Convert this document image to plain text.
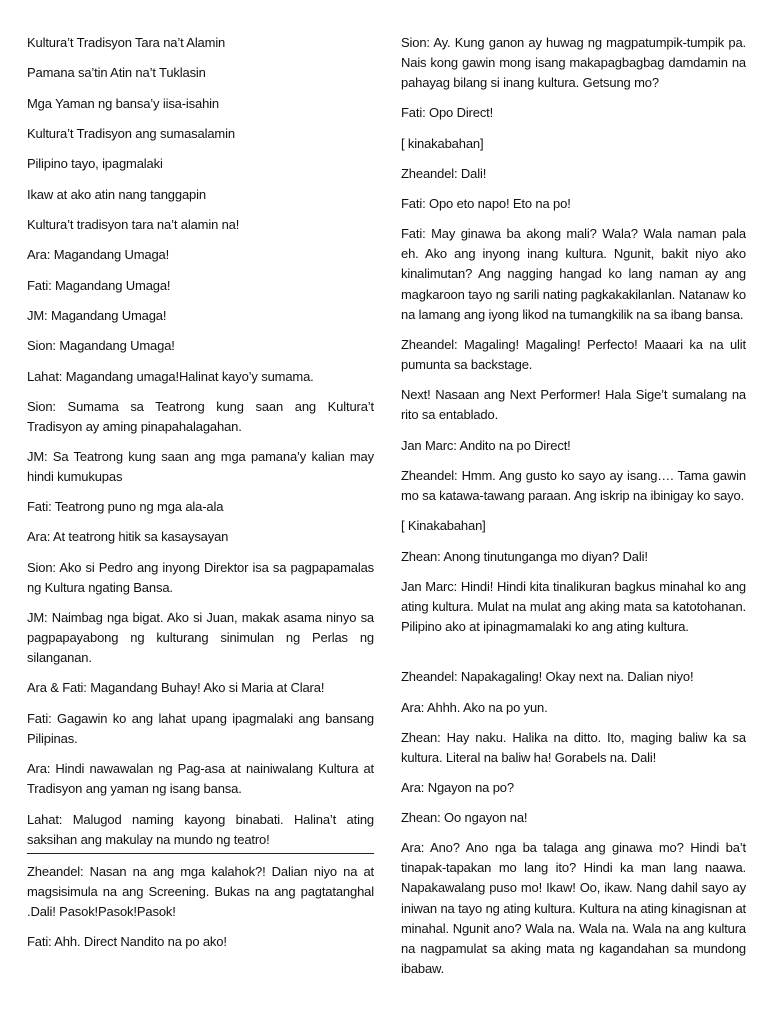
Kultura’t Tradisyon Tara na’t Alamin

Pamana sa’tin Atin na’t Tuklasin

Mga Yaman ng bansa’y iisa-isahin

Kultura’t Tradisyon ang sumasalamin

Pilipino tayo, ipagmalaki

Ikaw at ako atin nang tanggapin

Kultura’t tradisyon tara na’t alamin na!

Ara: Magandang Umaga!

Fati: Magandang Umaga!

JM: Magandang Umaga!

Sion: Magandang Umaga!

Lahat: Magandang umaga!Halinat kayo’y sumama.

Sion: Sumama sa Teatrong kung saan ang Kultura’t Tradisyon ay aming pinapahalagahan.

JM: Sa Teatrong kung saan ang mga pamana’y kalian may hindi kumukupas

Fati: Teatrong puno ng mga ala-ala

Ara: At teatrong hitik sa kasaysayan

Sion: Ako si Pedro ang inyong Direktor isa sa pagpapamalas ng Kultura ngating Bansa.

JM: Naimbag nga bigat. Ako si Juan, makak asama ninyo sa pagpapayabong ng kulturang sinimulan ng Perlas ng silanganan.

Ara & Fati: Magandang Buhay! Ako si Maria at Clara!

Fati: Gagawin ko ang lahat upang ipagmalaki ang bansang Pilipinas.

Ara: Hindi nawawalan ng Pag-asa at nainiwalang Kultura at Tradisyon ang yaman ng isang bansa.

Lahat: Malugod naming kayong binabati. Halina’t ating saksihan ang makulay na mundo ng teatro!

Zheandel: Nasan na ang mga kalahok?! Dalian niyo na at magsisimula na ang Screening. Bukas na ang pagtatanghal .Dali! Pasok!Pasok!Pasok!

Fati: Ahh. Direct Nandito na po ako!

Sion: Ay. Kung ganon ay huwag ng magpatumpik-tumpik pa. Nais kong gawin mong isang makapagbagbag damdamin na pahayag bilang si inang kultura. Getsung mo?

Fati: Opo Direct!

[ kinakabahan]

Zheandel: Dali!

Fati: Opo eto napo! Eto na po!

Fati: May ginawa ba akong mali? Wala? Wala naman pala eh. Ako ang inyong inang kultura. Ngunit, bakit niyo ako kinalimutan? Ang nagging hangad ko lang naman ay ang magkaroon tayo ng sarili nating pagkakakilanlan. Natanaw ko na lamang ang iyong likod na tumangkilik na sa ibang bansa.

Zheandel: Magaling! Magaling! Perfecto! Maaari ka na ulit pumunta sa backstage.

Next! Nasaan ang Next Performer! Hala Sige’t sumalang na rito sa entablado.

Jan Marc: Andito na po Direct!

Zheandel: Hmm. Ang gusto ko sayo ay isang…. Tama gawin mo sa katawa-tawang paraan. Ang iskrip na ibinigay ko sayo.

[ Kinakabahan]

Zhean: Anong tinutunganga mo diyan? Dali!

Jan Marc: Hindi! Hindi kita tinalikuran bagkus minahal ko ang ating kultura. Mulat na mulat ang aking mata sa katotohanan. Pilipino ako at ipinagmamalaki ko ang ating kultura.

Zheandel: Napakagaling! Okay next na. Dalian niyo!

Ara: Ahhh. Ako na po yun.

Zhean: Hay naku. Halika na ditto. Ito, maging baliw ka sa kultura. Literal na baliw ha! Gorabels na. Dali!

Ara: Ngayon na po?

Zhean: Oo ngayon na!

Ara: Ano? Ano nga ba talaga ang ginawa mo? Hindi ba’t tinapak-tapakan mo lang ito? Hindi ka man lang naawa. Napakawalang puso mo! Ikaw! Oo, ikaw. Nang dahil sayo ay iniwan na tayo ng ating kultura. Kultura na ating kinagisnan at minahal. Ngunit ano? Wala na. Wala na. Wala na ang kultura na nagpamulat sa aking mata ng kagandahan sa mundong ibabaw.
